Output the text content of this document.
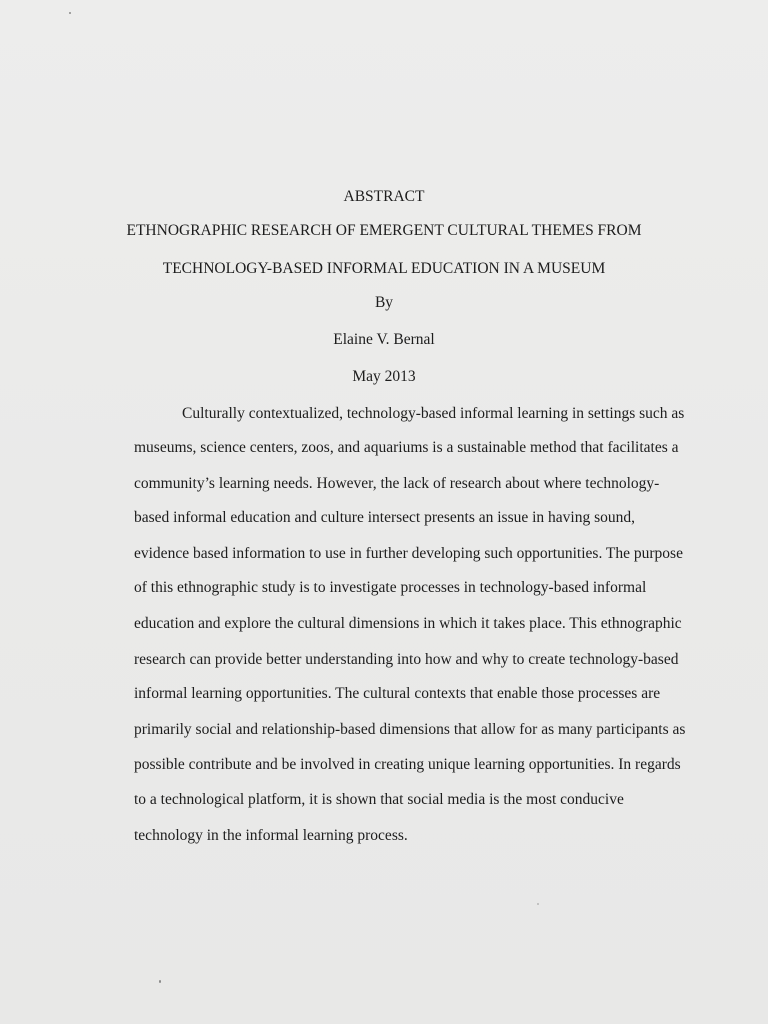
ABSTRACT
ETHNOGRAPHIC RESEARCH OF EMERGENT CULTURAL THEMES FROM
TECHNOLOGY-BASED INFORMAL EDUCATION IN A MUSEUM
By
Elaine V. Bernal
May 2013
Culturally contextualized, technology-based informal learning in settings such as
museums, science centers, zoos, and aquariums is a sustainable method that facilitates a
community’s learning needs. However, the lack of research about where technology-
based informal education and culture intersect presents an issue in having sound,
evidence based information to use in further developing such opportunities. The purpose
of this ethnographic study is to investigate processes in technology-based informal
education and explore the cultural dimensions in which it takes place. This ethnographic
research can provide better understanding into how and why to create technology-based
informal learning opportunities. The cultural contexts that enable those processes are
primarily social and relationship-based dimensions that allow for as many participants as
possible contribute and be involved in creating unique learning opportunities. In regards
to a technological platform, it is shown that social media is the most conducive
technology in the informal learning process.
